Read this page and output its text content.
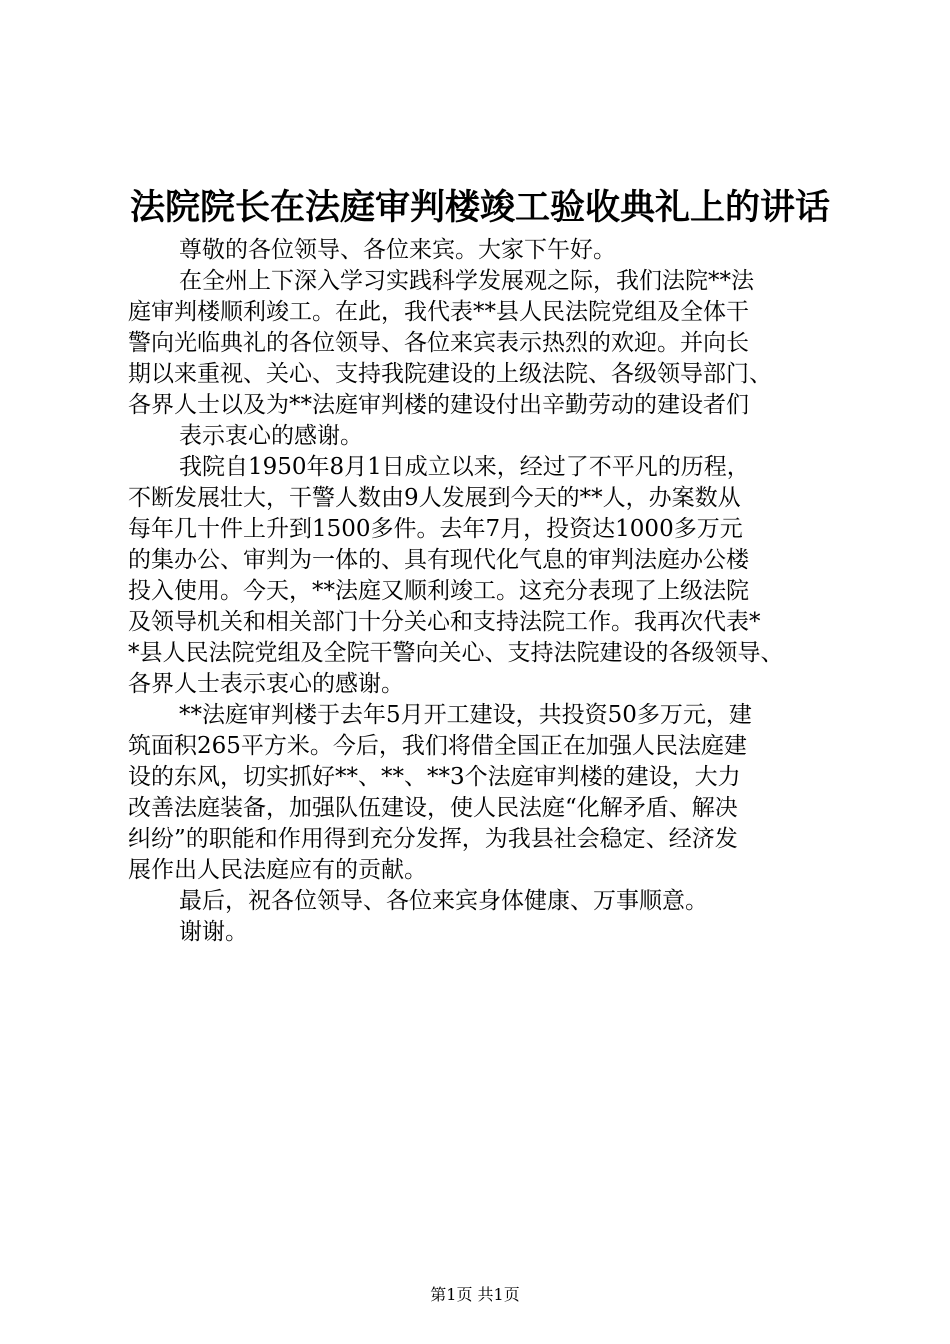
法院院长在法庭审判楼竣工验收典礼上的讲话
尊敬的各位领导、各位来宾。大家下午好。
在全州上下深入学习实践科学发展观之际，我们法院**法
庭审判楼顺利竣工。在此，我代表**县人民法院党组及全体干
警向光临典礼的各位领导、各位来宾表示热烈的欢迎。并向长
期以来重视、关心、支持我院建设的上级法院、各级领导部门、
各界人士以及为**法庭审判楼的建设付出辛勤劳动的建设者们
表示衷心的感谢。
我院自1950年8月1日成立以来，经过了不平凡的历程，
不断发展壮大，干警人数由9人发展到今天的**人，办案数从
每年几十件上升到1500多件。去年7月，投资达1000多万元
的集办公、审判为一体的、具有现代化气息的审判法庭办公楼
投入使用。今天，**法庭又顺利竣工。这充分表现了上级法院
及领导机关和相关部门十分关心和支持法院工作。我再次代表*
*县人民法院党组及全院干警向关心、支持法院建设的各级领导、
各界人士表示衷心的感谢。
**法庭审判楼于去年5月开工建设，共投资50多万元，建
筑面积265平方米。今后，我们将借全国正在加强人民法庭建
设的东风，切实抓好**、**、**3个法庭审判楼的建设，大力
改善法庭装备，加强队伍建设，使人民法庭“化解矛盾、解决
纠纷”的职能和作用得到充分发挥，为我县社会稳定、经济发
展作出人民法庭应有的贡献。
最后，祝各位领导、各位来宾身体健康、万事顺意。
谢谢。
第1页 共1页
